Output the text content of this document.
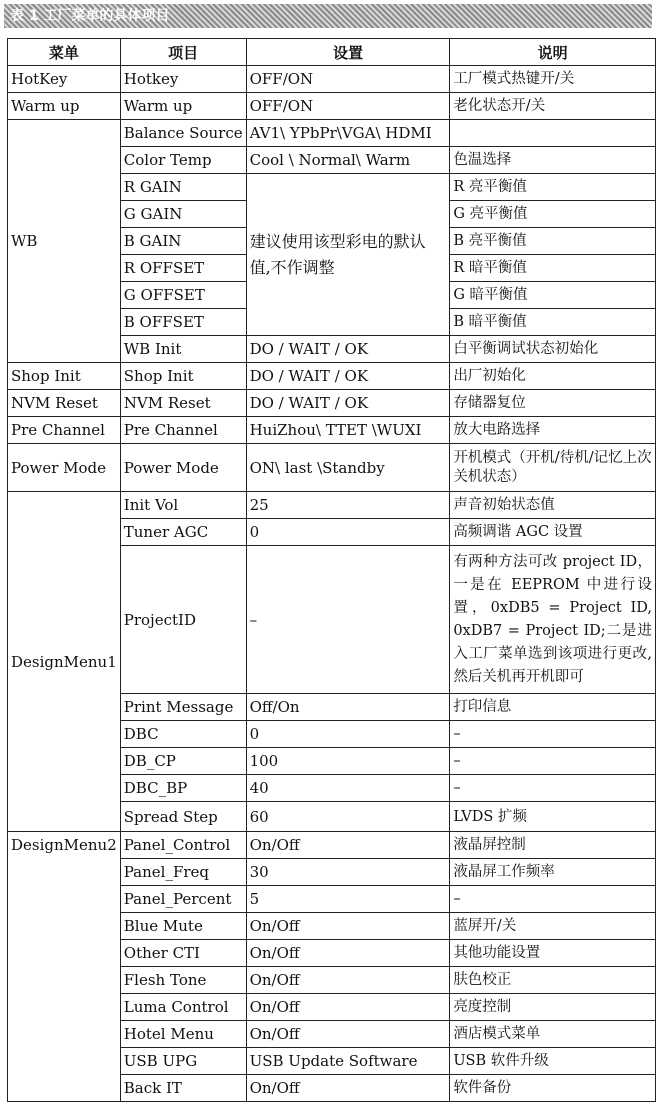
表 1 工厂菜单的具体项目
菜单	项目	设置	说明
HotKey	Hotkey	OFF/ON	工厂模式热键开/关
Warm up	Warm up	OFF/ON	老化状态开/关
WB	Balance Source	AV1\ YPbPr\VGA\ HDMI	
	Color Temp	Cool \ Normal\ Warm	色温选择
	R GAIN	建议使用该型彩电的默认值,不作调整	R 亮平衡值
	G GAIN		G 亮平衡值
	B GAIN		B 亮平衡值
	R OFFSET		R 暗平衡值
	G OFFSET		G 暗平衡值
	B OFFSET		B 暗平衡值
	WB Init	DO / WAIT / OK	白平衡调试状态初始化
Shop Init	Shop Init	DO / WAIT / OK	出厂初始化
NVM Reset	NVM Reset	DO / WAIT / OK	存储器复位
Pre Channel	Pre Channel	HuiZhou\ TTET \WUXI	放大电路选择
Power Mode	Power Mode	ON\ last \Standby	开机模式（开机/待机/记忆上次关机状态）
DesignMenu1	Init Vol	25	声音初始状态值
	Tuner AGC	0	高频调谐 AGC 设置
	ProjectID	–	有两种方法可改 project ID，一是在 EEPROM 中进行设置，0xDB5 = Project ID, 0xDB7 = Project ID;二是进入工厂菜单选到该项进行更改,然后关机再开机即可
	Print Message	Off/On	打印信息
	DBC	0	–
	DB_CP	100	–
	DBC_BP	40	–
	Spread Step	60	LVDS 扩频
DesignMenu2	Panel_Control	On/Off	液晶屏控制
	Panel_Freq	30	液晶屏工作频率
	Panel_Percent	5	–
	Blue Mute	On/Off	蓝屏开/关
	Other CTI	On/Off	其他功能设置
	Flesh Tone	On/Off	肤色校正
	Luma Control	On/Off	亮度控制
	Hotel Menu	On/Off	酒店模式菜单
	USB UPG	USB Update Software	USB 软件升级
	Back IT	On/Off	软件备份
